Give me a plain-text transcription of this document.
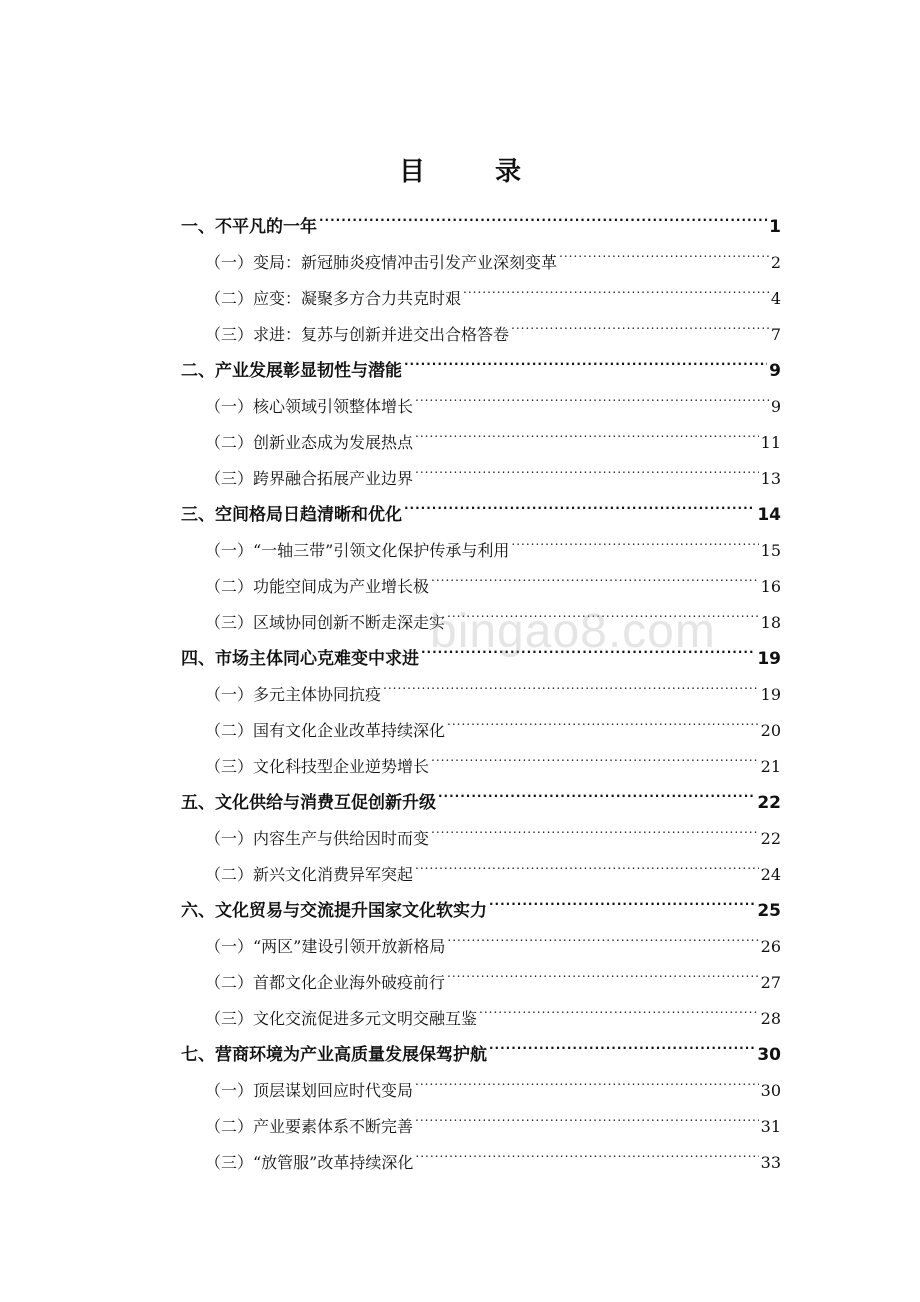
目　录
一、不平凡的一年 .....	1
（一）变局：新冠肺炎疫情冲击引发产业深刻变革 .....	2
（二）应变：凝聚多方合力共克时艰 .....	4
（三）求进：复苏与创新并进交出合格答卷 .....	7
二、产业发展彰显韧性与潜能 .....	9
（一）核心领域引领整体增长 .....	9
（二）创新业态成为发展热点 .....	11
（三）跨界融合拓展产业边界 .....	13
三、空间格局日趋清晰和优化 .....	14
（一）“一轴三带”引领文化保护传承与利用 .....	15
（二）功能空间成为产业增长极 .....	16
（三）区域协同创新不断走深走实 .....	18
四、市场主体同心克难变中求进 .....	19
（一）多元主体协同抗疫 .....	19
（二）国有文化企业改革持续深化 .....	20
（三）文化科技型企业逆势增长 .....	21
五、文化供给与消费互促创新升级 .....	22
（一）内容生产与供给因时而变 .....	22
（二）新兴文化消费异军突起 .....	24
六、文化贸易与交流提升国家文化软实力 .....	25
（一）“两区”建设引领开放新格局 .....	26
（二）首都文化企业海外破疫前行 .....	27
（三）文化交流促进多元文明交融互鉴 .....	28
七、营商环境为产业高质量发展保驾护航 .....	30
（一）顶层谋划回应时代变局 .....	30
（二）产业要素体系不断完善 .....	31
（三）“放管服”改革持续深化 .....	33
bingao8.com
